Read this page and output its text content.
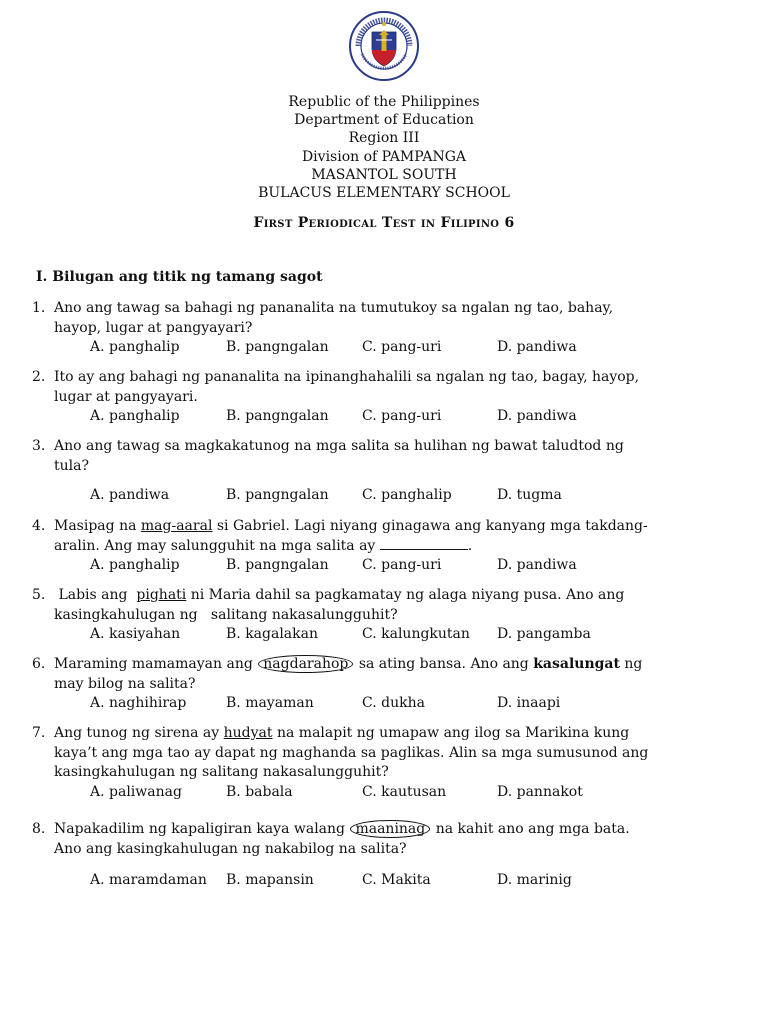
Republic of the Philippines
Department of Education
Region III
Division of PAMPANGA
MASANTOL SOUTH
BULACUS ELEMENTARY SCHOOL
First Periodical Test in Filipino 6
I. Bilugan ang titik ng tamang sagot
1. Ano ang tawag sa bahagi ng pananalita na tumutukoy sa ngalan ng tao, bahay,
hayop, lugar at pangyayari?
A. panghalip	B. pangngalan C. pang-uri	D. pandiwa
2. Ito ay ang bahagi ng pananalita na ipinanghahalili sa ngalan ng tao, bagay, hayop,
lugar at pangyayari.
A. panghalip	B. pangngalan C. pang-uri	D. pandiwa
3. Ano ang tawag sa magkakatunog na mga salita sa hulihan ng bawat taludtod ng
tula?
A. pandiwa	B. pangngalan C. panghalip	D. tugma
4. Masipag na mag-aaral si Gabriel. Lagi niyang ginagawa ang kanyang mga takdang-
aralin. Ang may salungguhit na mga salita ay	.
A. panghalip	B. pangngalan C. pang-uri	D. pandiwa
5. Labis ang  pighati ni Maria dahil sa pagkamatay ng alaga niyang pusa. Ano ang
kasingkahulugan ng   salitang nakasalungguhit?
A. kasiyahan	B. kagalakan	C. kalungkutan D. pangamba
6. Maraming mamamayan ang nagdarahop sa ating bansa. Ano ang kasalungat ng
may bilog na salita?
A. naghihirap	B. mayaman	C. dukha	D. inaapi
7. Ang tunog ng sirena ay hudyat na malapit ng umapaw ang ilog sa Marikina kung
kaya’t ang mga tao ay dapat ng maghanda sa paglikas. Alin sa mga sumusunod ang
kasingkahulugan ng salitang nakasalungguhit?
A. paliwanag	B. babala	C. kautusan	D. pannakot
8. Napakadilim ng kapaligiran kaya walang maaninag na kahit ano ang mga bata.
Ano ang kasingkahulugan ng nakabilog na salita?
A. maramdaman B. mapansin	C. Makita	D. marinig
